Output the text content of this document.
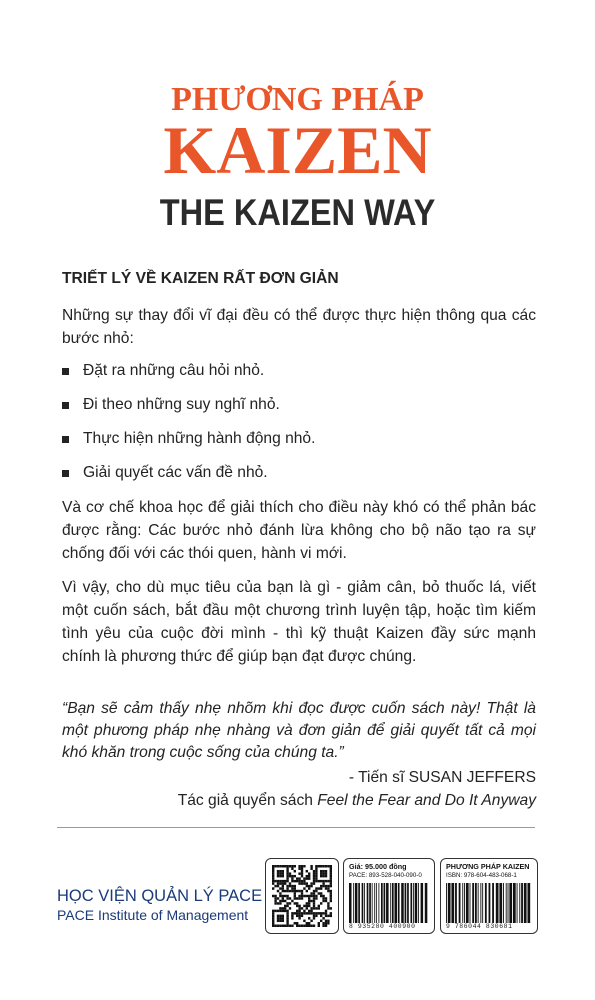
PHƯƠNG PHÁP
KAIZEN
THE KAIZEN WAY
TRIẾT LÝ VỀ KAIZEN RẤT ĐƠN GIẢN
Những sự thay đổi vĩ đại đều có thể được thực hiện thông qua các bước nhỏ:
Đặt ra những câu hỏi nhỏ.
Đi theo những suy nghĩ nhỏ.
Thực hiện những hành động nhỏ.
Giải quyết các vấn đề nhỏ.
Và cơ chế khoa học để giải thích cho điều này khó có thể phản bác được rằng: Các bước nhỏ đánh lừa không cho bộ não tạo ra sự chống đối với các thói quen, hành vi mới.
Vì vậy, cho dù mục tiêu của bạn là gì - giảm cân, bỏ thuốc lá, viết một cuốn sách, bắt đầu một chương trình luyện tập, hoặc tìm kiếm tình yêu của cuộc đời mình - thì kỹ thuật Kaizen đầy sức mạnh chính là phương thức để giúp bạn đạt được chúng.
“Bạn sẽ cảm thấy nhẹ nhõm khi đọc được cuốn sách này! Thật là một phương pháp nhẹ nhàng và đơn giản để giải quyết tất cả mọi khó khăn trong cuộc sống của chúng ta.”
- Tiến sĩ SUSAN JEFFERS
Tác giả quyển sách Feel the Fear and Do It Anyway
HỌC VIỆN QUẢN LÝ PACE
PACE Institute of Management
Giá: 95.000 đồng
PACE: 893-528-040-090-0
8 935280 400900
PHƯƠNG PHÁP KAIZEN
ISBN: 978-604-483-068-1
9 786044 830681
